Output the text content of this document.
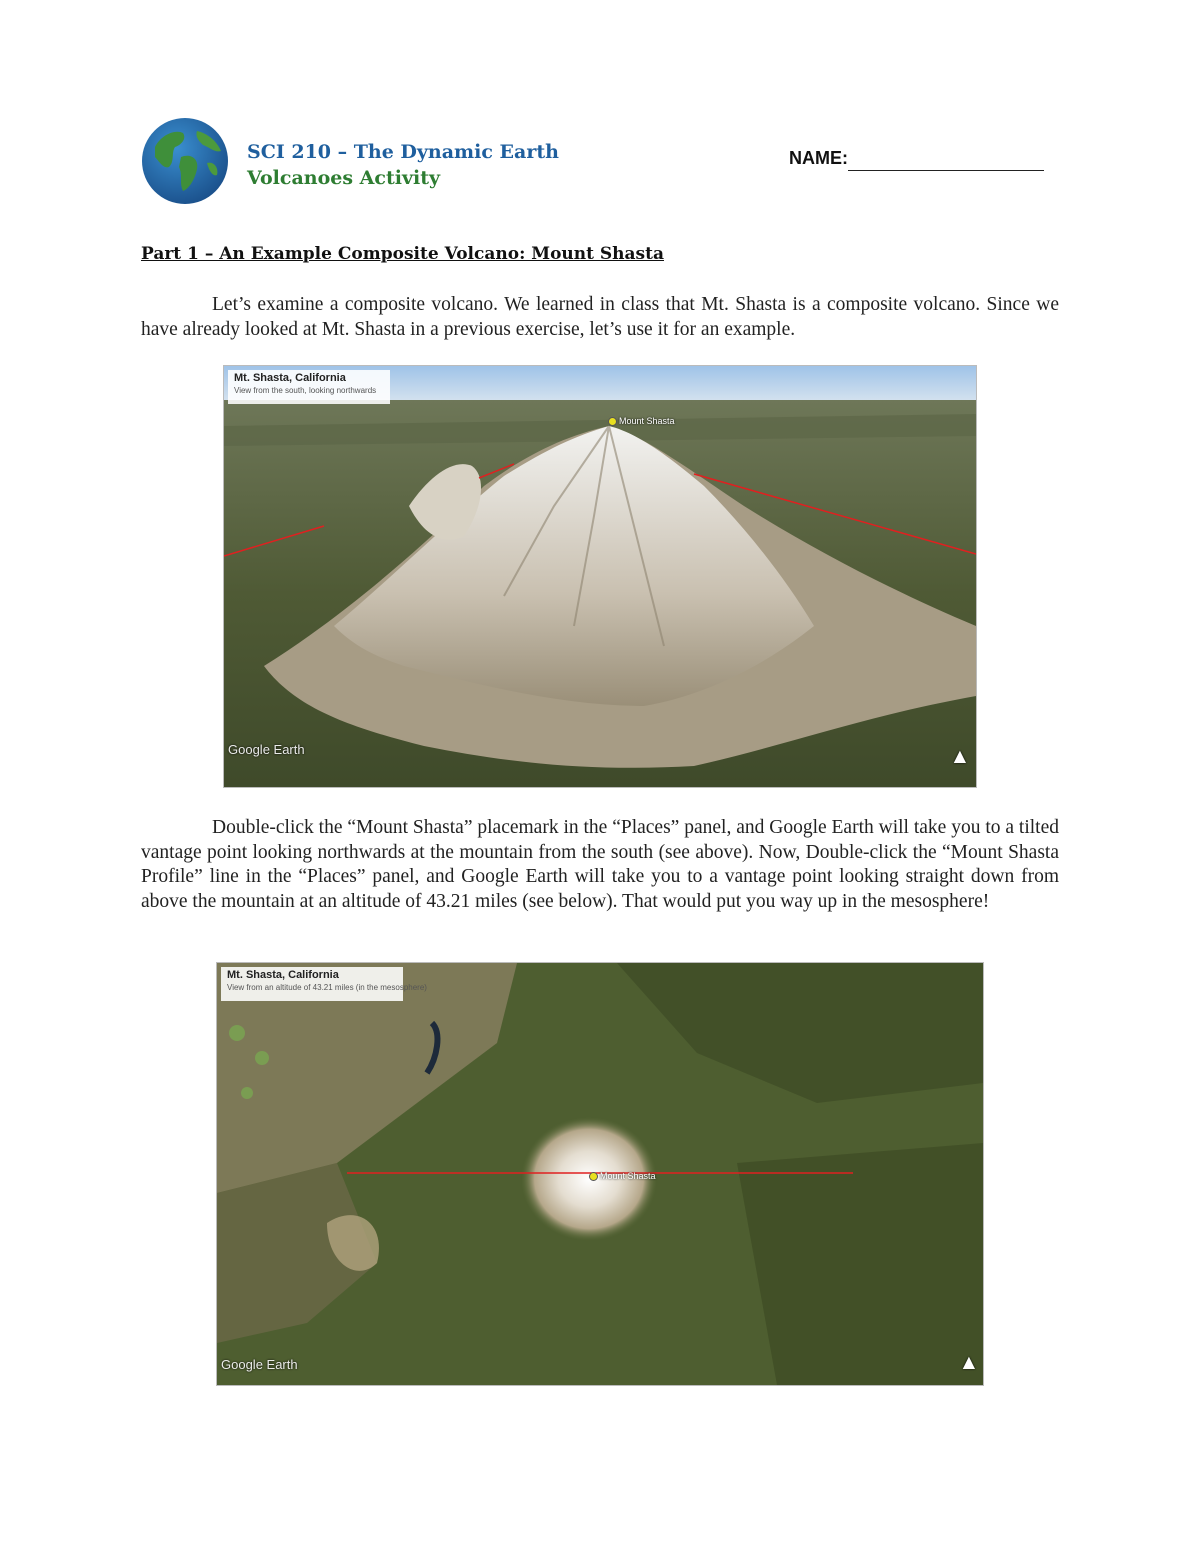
SCI 210 – The Dynamic Earth
Volcanoes Activity
NAME:
Part 1 – An Example Composite Volcano: Mount Shasta

Let’s examine a composite volcano. We learned in class that Mt. Shasta is a composite volcano. Since we have already looked at Mt. Shasta in a previous exercise, let’s use it for an example.

Mt. Shasta, California
View from the south, looking northwards
Mount Shasta
Google Earth	▲

Double-click the “Mount Shasta” placemark in the “Places” panel, and Google Earth will take you to a tilted vantage point looking northwards at the mountain from the south (see above). Now, Double-click the “Mount Shasta Profile” line in the “Places” panel, and Google Earth will take you to a vantage point looking straight down from above the mountain at an altitude of 43.21 miles (see below). That would put you way up in the mesosphere!

Mt. Shasta, California
View from an altitude of 43.21 miles (in the mesosphere)
Mount Shasta
Google Earth	▲
